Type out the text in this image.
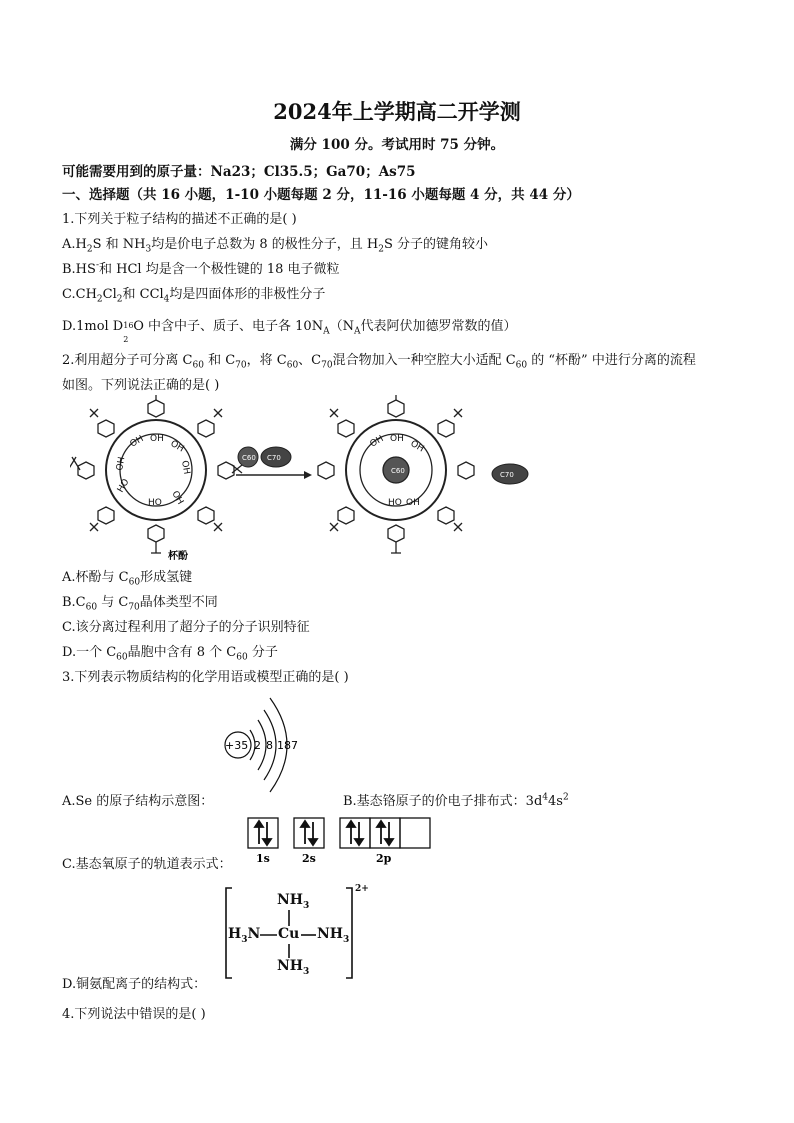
2024年上学期高二开学测
满分 100 分。考试用时 75 分钟。
可能需要用到的原子量：Na23；Cl35.5；Ga70；As75
一、选择题（共 16 小题，1-10 小题每题 2 分，11-16 小题每题 4 分，共 44 分）
1.下列关于粒子结构的描述不正确的是( )
$A.H_2S$ 和 $NH_3$均是价电子总数为 8 的极性分子，且 $H_2S$ 分子的键角较小
B.HS-和 HCl 均是含一个极性键的 18 电子微粒
$C.CH_2Cl_2$和 CCl$_4$均是四面体形的非极性分子
D.1mol D 16
2
O 中含中子、质子、电子各 $10N_A(N_A$代表阿伏加德罗常数的值）
2.利用超分子可分离 $C_{60}$ 和 $C_{70}$，将 $C_{60}$、$C_{70}$混合物加入一种空腔大小适配 $C_{60}$ 的 “杯酚” 中进行分离的流程
如图。下列说法正确的是( )
OH OH OH
OH	OH
HO
HO OH
杯酚
C60 C70
OH OH OH
HO OH
C60	C70
A.杯酚与 $C_{60}$形成氢键
$B.C_{60}$ 与 $C_{70}$晶体类型不同
C.该分离过程利用了超分子的分子识别特征
D.一个 $C_{60}$晶胞中含有 8 个 $C_{60}$ 分子
3.下列表示物质结构的化学用语或模型正确的是( )
+35 2 8 18 7
A.Se 的原子结构示意图：	B.基态铬原子的价电子排布式：$3d^44s^2$
1s	2s	2p
C.基态氧原子的轨道表示式：
$NH_3$
$H_3N$ Cu $NH_3$
$NH_3$
2+
D.铜氨配离子的结构式：
4.下列说法中错误的是( )
